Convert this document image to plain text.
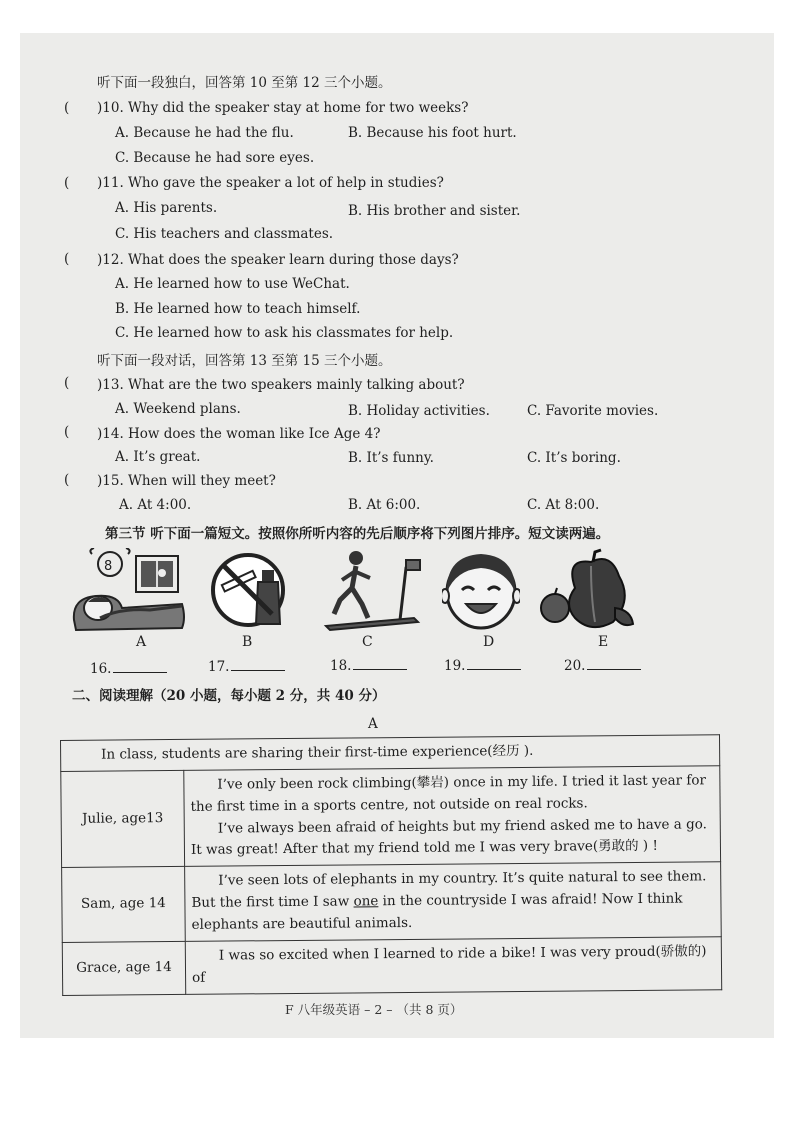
听下面一段独白，回答第 10 至第 12 三个小题。
( )10. Why did the speaker stay at home for two weeks?
A. Because he had the flu.	B. Because his foot hurt.
C. Because he had sore eyes.
( )11. Who gave the speaker a lot of help in studies?
A. His parents.	B. His brother and sister.
C. His teachers and classmates.
( )12. What does the speaker learn during those days?
A. He learned how to use WeChat.
B. He learned how to teach himself.
C. He learned how to ask his classmates for help.
听下面一段对话，回答第 13 至第 15 三个小题。
( )13. What are the two speakers mainly talking about?
A. Weekend plans.	B. Holiday activities.	C. Favorite movies.
( )14. How does the woman like Ice Age 4?
A. It’s great.	B. It’s funny.	C. It’s boring.
( )15. When will they meet?
A. At 4:00.	B. At 6:00.	C. At 8:00.
第三节 听下面一篇短文。按照你所听内容的先后顺序将下列图片排序。短文读两遍。
8
A	B	C	D	E
16.	17.	18.	19.	20.
二、阅读理解（20 小题，每小题 2 分，共 40 分）
A
In class, students are sharing their first-time experience(经历 ).	
Julie, age13	I’ve only been rock climbing(攀岩) once in my life. I tried it last year for the first time in a sports centre, not outside on real rocks.

I’ve always been afraid of heights but my friend asked me to have a go. It was great! After that my friend told me I was very brave(勇敢的 ) !

Sam, age 14	I’ve seen lots of elephants in my country. It’s quite natural to see them. But the first time I saw one in the countryside I was afraid! Now I think elephants are beautiful animals.

Grace, age 14	I was so excited when I learned to ride a bike! I was very proud(骄傲的) of

F 八年级英语 – 2 – （共 8 页）
